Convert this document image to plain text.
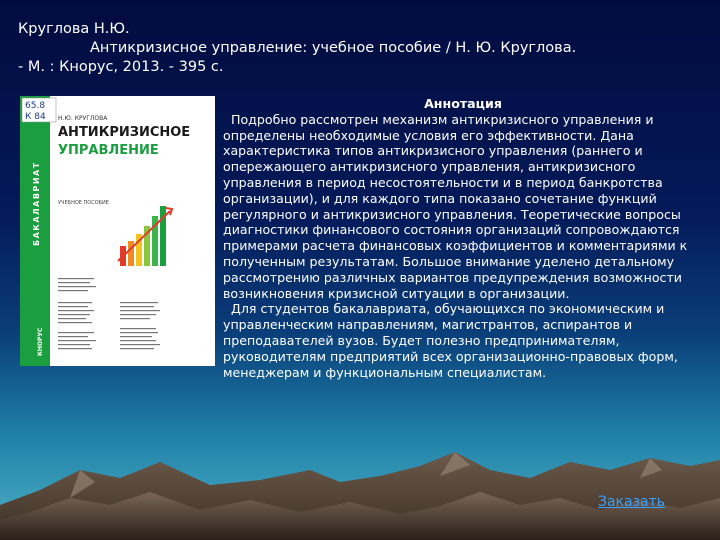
Круглова Н.Ю.
Антикризисное управление: учебное пособие / Н. Ю. Круглова.
- М. : Кнорус, 2013. - 395 с.
65.8
К 84
БАКАЛАВРИАТ
КНОРУС
Н.Ю. КРУГЛОВА
АНТИКРИЗИСНОЕ
УПРАВЛЕНИЕ
УЧЕБНОЕ ПОСОБИЕ
Аннотация

Подробно рассмотрен механизм антикризисного управления и определены необходимые условия его эффективности. Дана характеристика типов антикризисного управления (раннего и опережающего антикризисного управления, антикризисного управления в период несостоятельности и в период банкротства организации), и для каждого типа показано сочетание функций регулярного и антикризисного управления. Теоретические вопросы диагностики финансового состояния организаций сопровождаются примерами расчета финансовых коэффициентов и комментариями к полученным результатам. Большое внимание уделено детальному рассмотрению различных вариантов предупреждения возможности возникновения кризисной ситуации в организации.

Для студентов бакалавриата, обучающихся по экономическим и управленческим направлениям, магистрантов, аспирантов и преподавателей вузов. Будет полезно предпринимателям, руководителям предприятий всех организационно-правовых форм, менеджерам и функциональным специалистам.

Заказать
